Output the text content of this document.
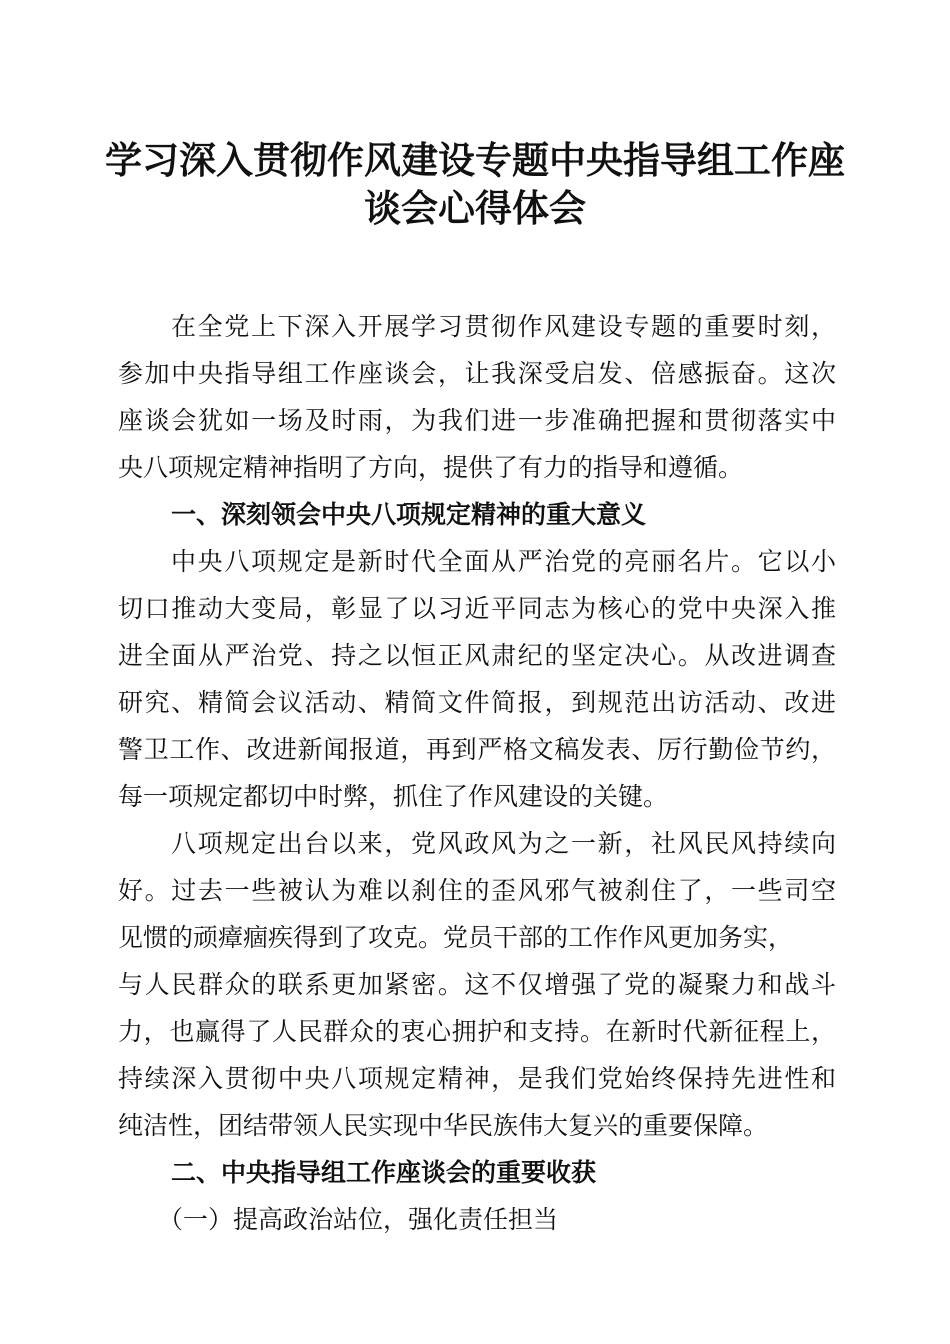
学习深入贯彻作风建设专题中央指导组工作座
谈会心得体会
在全党上下深入开展学习贯彻作风建设专题的重要时刻，
参加中央指导组工作座谈会，让我深受启发、倍感振奋。这次
座谈会犹如一场及时雨，为我们进一步准确把握和贯彻落实中
央八项规定精神指明了方向，提供了有力的指导和遵循。
一、深刻领会中央八项规定精神的重大意义
中央八项规定是新时代全面从严治党的亮丽名片。它以小
切口推动大变局，彰显了以习近平同志为核心的党中央深入推
进全面从严治党、持之以恒正风肃纪的坚定决心。从改进调查
研究、精简会议活动、精简文件简报，到规范出访活动、改进
警卫工作、改进新闻报道，再到严格文稿发表、厉行勤俭节约，
每一项规定都切中时弊，抓住了作风建设的关键。
八项规定出台以来，党风政风为之一新，社风民风持续向
好。过去一些被认为难以刹住的歪风邪气被刹住了，一些司空
见惯的顽瘴痼疾得到了攻克。党员干部的工作作风更加务实，
与人民群众的联系更加紧密。这不仅增强了党的凝聚力和战斗
力，也赢得了人民群众的衷心拥护和支持。在新时代新征程上，
持续深入贯彻中央八项规定精神，是我们党始终保持先进性和
纯洁性，团结带领人民实现中华民族伟大复兴的重要保障。
二、中央指导组工作座谈会的重要收获
（一）提高政治站位，强化责任担当
